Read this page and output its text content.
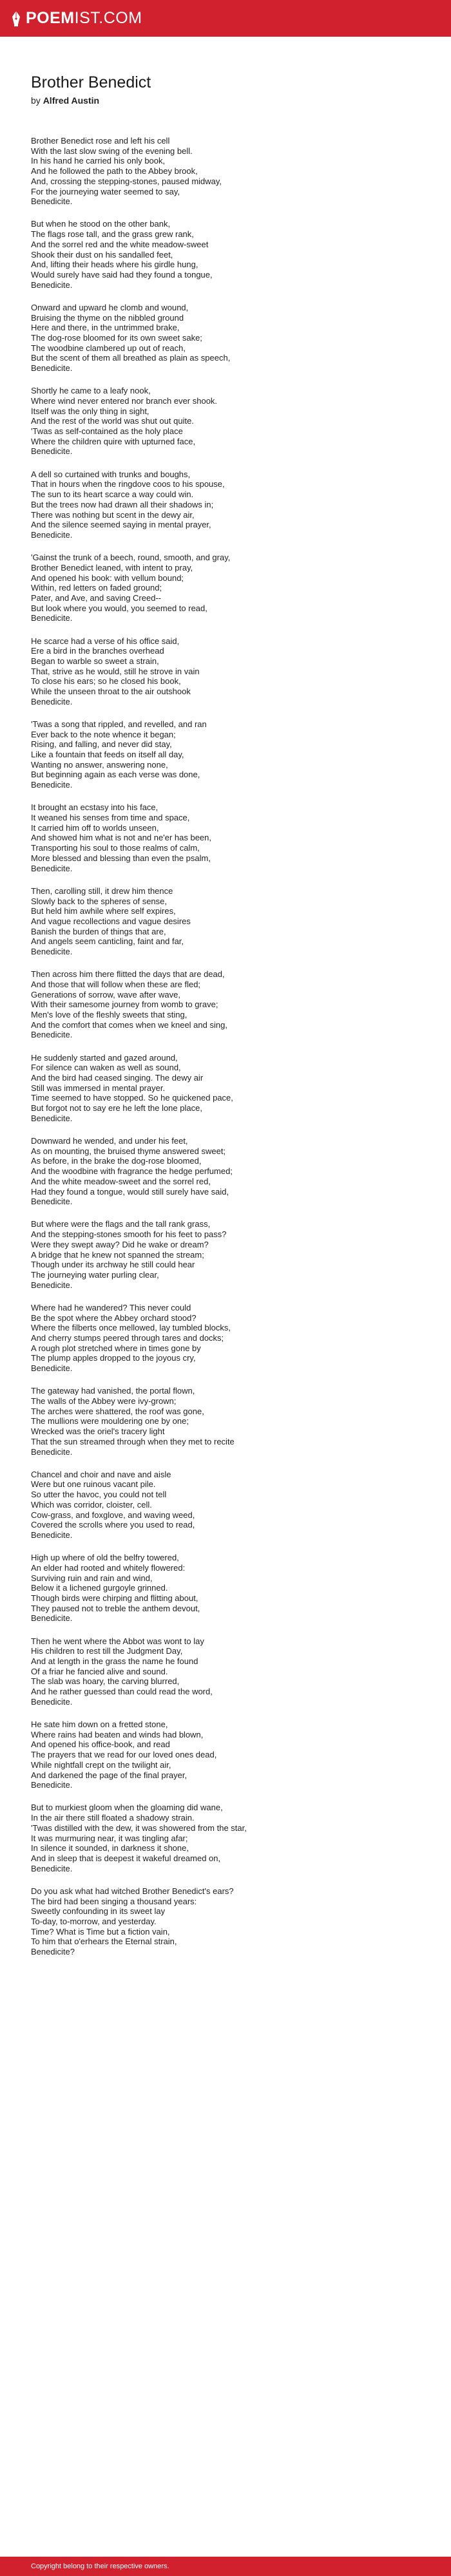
POEMIST.COM
Brother Benedict
by Alfred Austin
Brother Benedict rose and left his cell
With the last slow swing of the evening bell.
In his hand he carried his only book,
And he followed the path to the Abbey brook,
And, crossing the stepping-stones, paused midway,
For the journeying water seemed to say,
Benedicite.
But when he stood on the other bank,
The flags rose tall, and the grass grew rank,
And the sorrel red and the white meadow-sweet
Shook their dust on his sandalled feet,
And, lifting their heads where his girdle hung,
Would surely have said had they found a tongue,
Benedicite.
Onward and upward he clomb and wound,
Bruising the thyme on the nibbled ground
Here and there, in the untrimmed brake,
The dog-rose bloomed for its own sweet sake;
The woodbine clambered up out of reach,
But the scent of them all breathed as plain as speech,
Benedicite.
Shortly he came to a leafy nook,
Where wind never entered nor branch ever shook.
Itself was the only thing in sight,
And the rest of the world was shut out quite.
'Twas as self-contained as the holy place
Where the children quire with upturned face,
Benedicite.
A dell so curtained with trunks and boughs,
That in hours when the ringdove coos to his spouse,
The sun to its heart scarce a way could win.
But the trees now had drawn all their shadows in;
There was nothing but scent in the dewy air,
And the silence seemed saying in mental prayer,
Benedicite.
'Gainst the trunk of a beech, round, smooth, and gray,
Brother Benedict leaned, with intent to pray,
And opened his book: with vellum bound;
Within, red letters on faded ground;
Pater, and Ave, and saving Creed--
But look where you would, you seemed to read,
Benedicite.
He scarce had a verse of his office said,
Ere a bird in the branches overhead
Began to warble so sweet a strain,
That, strive as he would, still he strove in vain
To close his ears; so he closed his book,
While the unseen throat to the air outshook
Benedicite.
'Twas a song that rippled, and revelled, and ran
Ever back to the note whence it began;
Rising, and falling, and never did stay,
Like a fountain that feeds on itself all day,
Wanting no answer, answering none,
But beginning again as each verse was done,
Benedicite.
It brought an ecstasy into his face,
It weaned his senses from time and space,
It carried him off to worlds unseen,
And showed him what is not and ne'er has been,
Transporting his soul to those realms of calm,
More blessed and blessing than even the psalm,
Benedicite.
Then, carolling still, it drew him thence
Slowly back to the spheres of sense,
But held him awhile where self expires,
And vague recollections and vague desires
Banish the burden of things that are,
And angels seem canticling, faint and far,
Benedicite.
Then across him there flitted the days that are dead,
And those that will follow when these are fled;
Generations of sorrow, wave after wave,
With their samesome journey from womb to grave;
Men's love of the fleshly sweets that sting,
And the comfort that comes when we kneel and sing,
Benedicite.
He suddenly started and gazed around,
For silence can waken as well as sound,
And the bird had ceased singing. The dewy air
Still was immersed in mental prayer.
Time seemed to have stopped. So he quickened pace,
But forgot not to say ere he left the lone place,
Benedicite.
Downward he wended, and under his feet,
As on mounting, the bruised thyme answered sweet;
As before, in the brake the dog-rose bloomed,
And the woodbine with fragrance the hedge perfumed;
And the white meadow-sweet and the sorrel red,
Had they found a tongue, would still surely have said,
Benedicite.
But where were the flags and the tall rank grass,
And the stepping-stones smooth for his feet to pass?
Were they swept away? Did he wake or dream?
A bridge that he knew not spanned the stream;
Though under its archway he still could hear
The journeying water purling clear,
Benedicite.
Where had he wandered? This never could
Be the spot where the Abbey orchard stood?
Where the filberts once mellowed, lay tumbled blocks,
And cherry stumps peered through tares and docks;
A rough plot stretched where in times gone by
The plump apples dropped to the joyous cry,
Benedicite.
The gateway had vanished, the portal flown,
The walls of the Abbey were ivy-grown;
The arches were shattered, the roof was gone,
The mullions were mouldering one by one;
Wrecked was the oriel's tracery light
That the sun streamed through when they met to recite
Benedicite.
Chancel and choir and nave and aisle
Were but one ruinous vacant pile.
So utter the havoc, you could not tell
Which was corridor, cloister, cell.
Cow-grass, and foxglove, and waving weed,
Covered the scrolls where you used to read,
Benedicite.
High up where of old the belfry towered,
An elder had rooted and whitely flowered:
Surviving ruin and rain and wind,
Below it a lichened gurgoyle grinned.
Though birds were chirping and flitting about,
They paused not to treble the anthem devout,
Benedicite.
Then he went where the Abbot was wont to lay
His children to rest till the Judgment Day,
And at length in the grass the name he found
Of a friar he fancied alive and sound.
The slab was hoary, the carving blurred,
And he rather guessed than could read the word,
Benedicite.
He sate him down on a fretted stone,
Where rains had beaten and winds had blown,
And opened his office-book, and read
The prayers that we read for our loved ones dead,
While nightfall crept on the twilight air,
And darkened the page of the final prayer,
Benedicite.
But to murkiest gloom when the gloaming did wane,
In the air there still floated a shadowy strain.
'Twas distilled with the dew, it was showered from the star,
It was murmuring near, it was tingling afar;
In silence it sounded, in darkness it shone,
And in sleep that is deepest it wakeful dreamed on,
Benedicite.
Do you ask what had witched Brother Benedict's ears?
The bird had been singing a thousand years:
Sweetly confounding in its sweet lay
To-day, to-morrow, and yesterday.
Time? What is Time but a fiction vain,
To him that o'erhears the Eternal strain,
Benedicite?
Copyright belong to their respective owners.
